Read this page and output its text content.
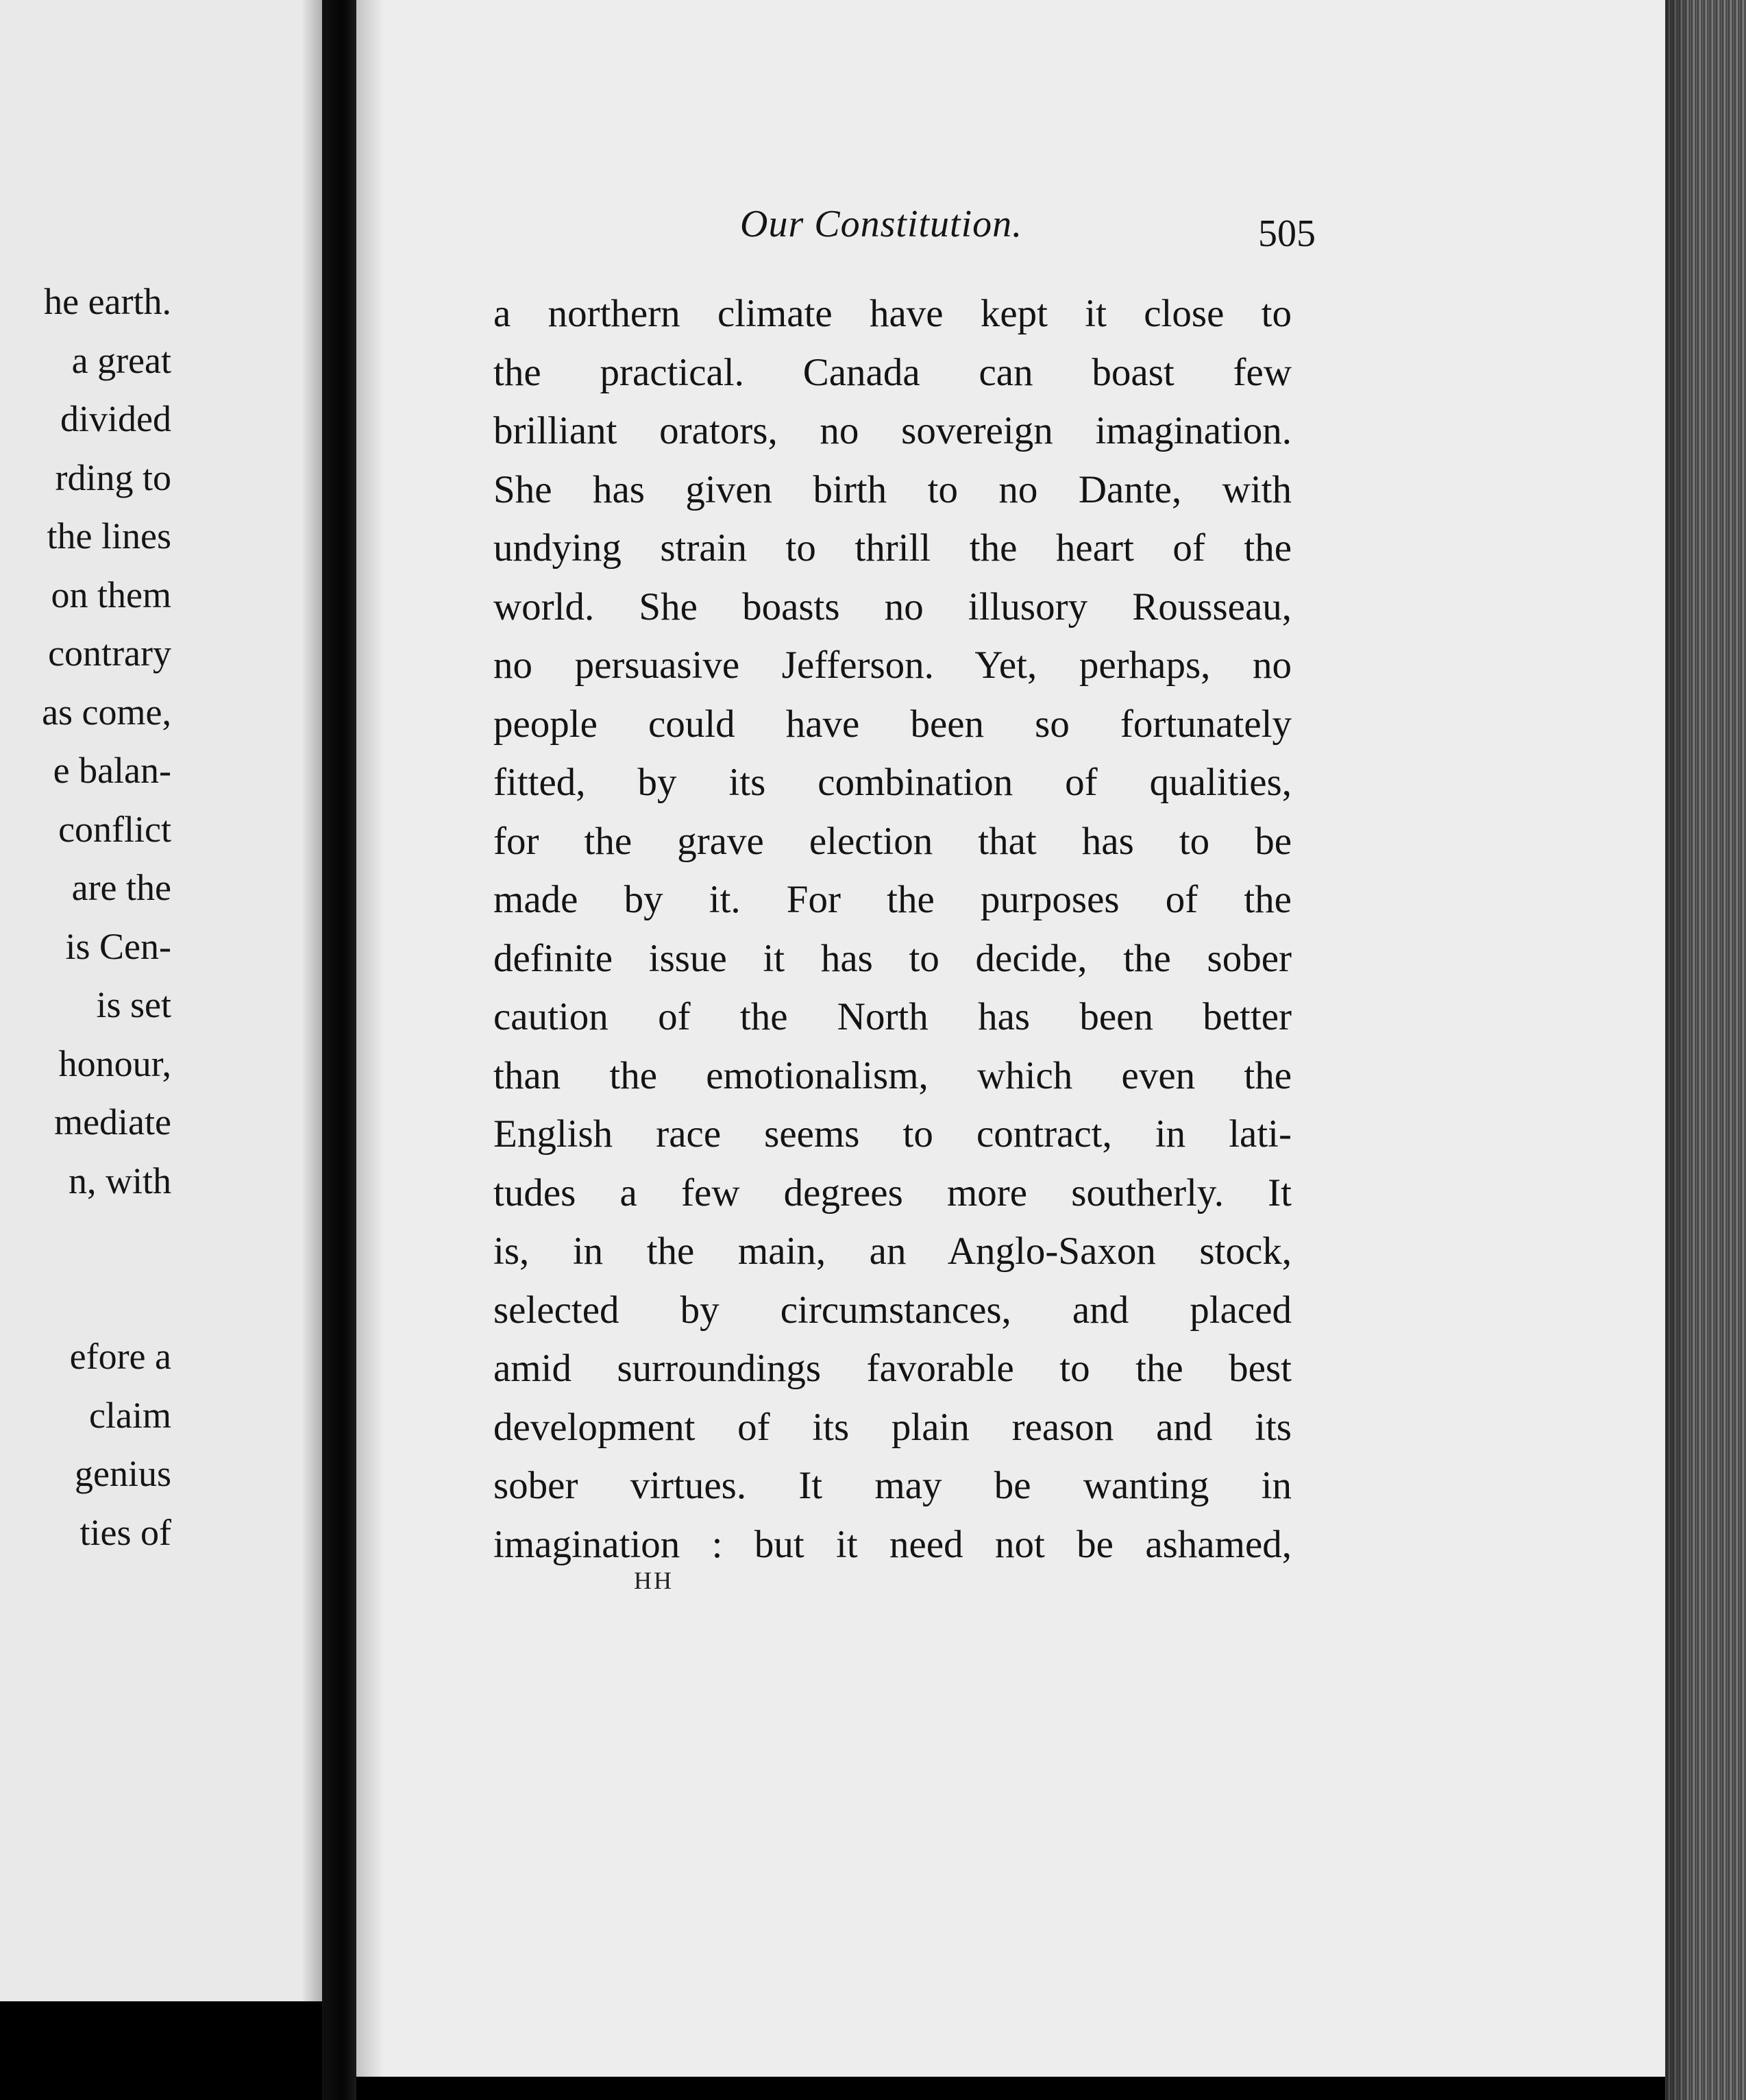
he earth.
a great
divided
rding to
the lines
on them
contrary
as come,
e balan-
conflict
are the
is Cen-
is set
honour,
mediate
n, with
efore a
claim
genius
ties of
Our Constitution.	505
a northern climate have kept it close to
the practical. Canada can boast few
brilliant orators, no sovereign imagination.
She has given birth to no Dante, with
undying strain to thrill the heart of the
world. She boasts no illusory Rousseau,
no persuasive Jefferson. Yet, perhaps, no
people could have been so fortunately
fitted, by its combination of qualities,
for the grave election that has to be
made by it. For the purposes of the
definite issue it has to decide, the sober
caution of the North has been better
than the emotionalism, which even the
English race seems to contract, in lati-
tudes a few degrees more southerly. It
is, in the main, an Anglo-Saxon stock,
selected by circumstances, and placed
amid surroundings favorable to the best
development of its plain reason and its
sober virtues. It may be wanting in
imagination : but it need not be ashamed,
HH
